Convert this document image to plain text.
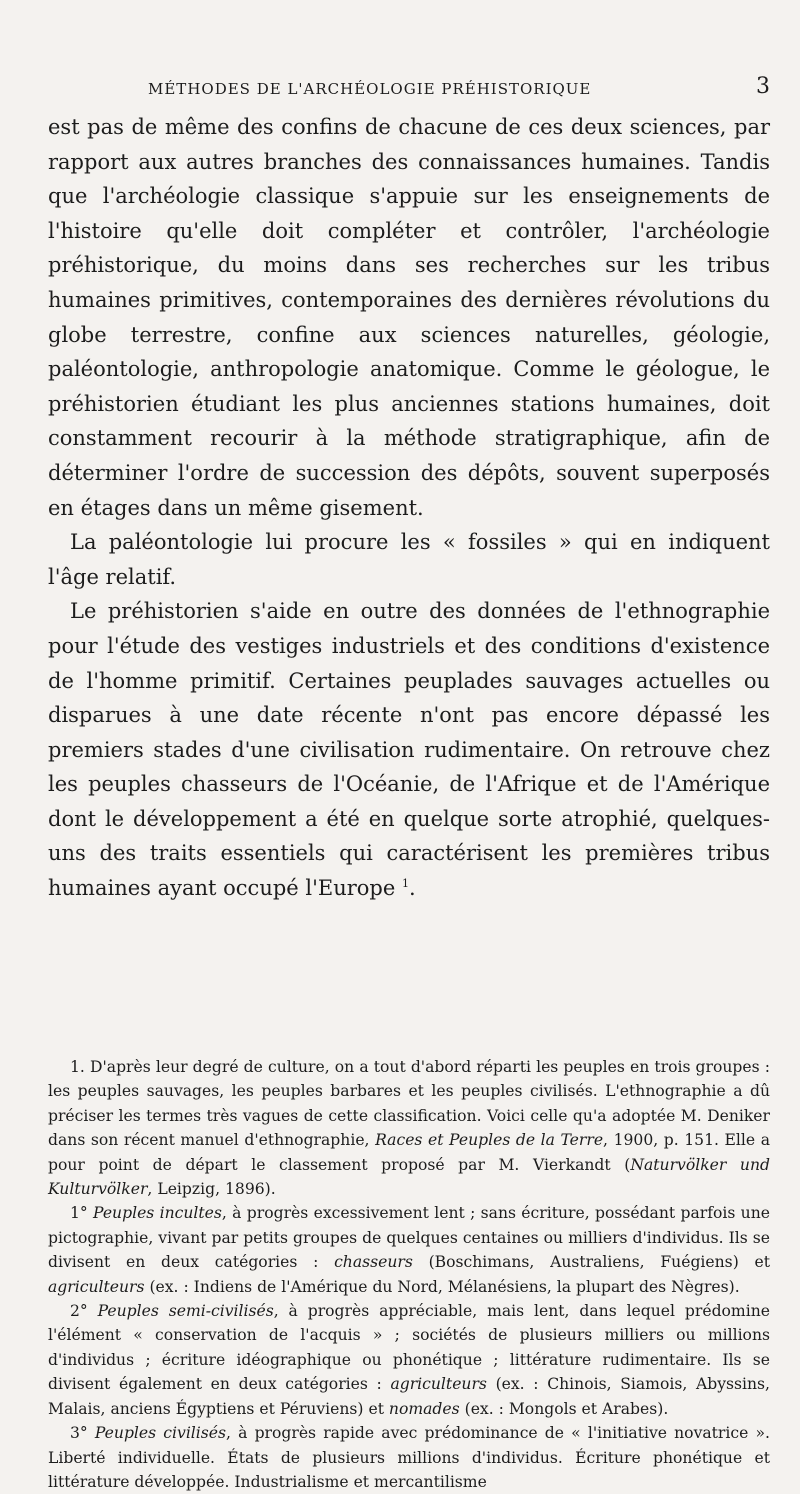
MÉTHODES DE L'ARCHÉOLOGIE PRÉHISTORIQUE	3

est pas de même des confins de chacune de ces deux sciences, par rapport aux autres branches des connaissances humaines. Tandis que l'archéologie classique s'appuie sur les enseignements de l'histoire qu'elle doit compléter et contrôler, l'archéologie préhistorique, du moins dans ses recherches sur les tribus humaines primitives, contemporaines des dernières révolutions du globe terrestre, confine aux sciences naturelles, géologie, paléontologie, anthropologie anatomique. Comme le géologue, le préhistorien étudiant les plus anciennes stations humaines, doit constamment recourir à la méthode stratigraphique, afin de déterminer l'ordre de succession des dépôts, souvent superposés en étages dans un même gisement.

La paléontologie lui procure les « fossiles » qui en indiquent l'âge relatif.

Le préhistorien s'aide en outre des données de l'ethnographie pour l'étude des vestiges industriels et des conditions d'existence de l'homme primitif. Certaines peuplades sauvages actuelles ou disparues à une date récente n'ont pas encore dépassé les premiers stades d'une civilisation rudimentaire. On retrouve chez les peuples chasseurs de l'Océanie, de l'Afrique et de l'Amérique dont le développement a été en quelque sorte atrophié, quelques-uns des traits essentiels qui caractérisent les premières tribus humaines ayant occupé l'Europe $^1$.

1. D'après leur degré de culture, on a tout d'abord réparti les peuples en trois groupes : les peuples sauvages, les peuples barbares et les peuples civilisés. L'ethnographie a dû préciser les termes très vagues de cette classification. Voici celle qu'a adoptée M. Deniker dans son récent manuel d'ethnographie, Races et Peuples de la Terre, 1900, p. 151. Elle a pour point de départ le classement proposé par M. Vierkandt (Naturvölker und Kulturvölker, Leipzig, 1896).

1° Peuples incultes, à progrès excessivement lent ; sans écriture, possédant parfois une pictographie, vivant par petits groupes de quelques centaines ou milliers d'individus. Ils se divisent en deux catégories : chasseurs (Boschimans, Australiens, Fuégiens) et agriculteurs (ex. : Indiens de l'Amérique du Nord, Mélanésiens, la plupart des Nègres).

2° Peuples semi-civilisés, à progrès appréciable, mais lent, dans lequel prédomine l'élément « conservation de l'acquis » ; sociétés de plusieurs milliers ou millions d'individus ; écriture idéographique ou phonétique ; littérature rudimentaire. Ils se divisent également en deux catégories : agriculteurs (ex. : Chinois, Siamois, Abyssins, Malais, anciens Égyptiens et Péruviens) et nomades (ex. : Mongols et Arabes).

3° Peuples civilisés, à progrès rapide avec prédominance de « l'initiative novatrice ». Liberté individuelle. États de plusieurs millions d'individus. Écriture phonétique et littérature développée. Industrialisme et mercantilisme
